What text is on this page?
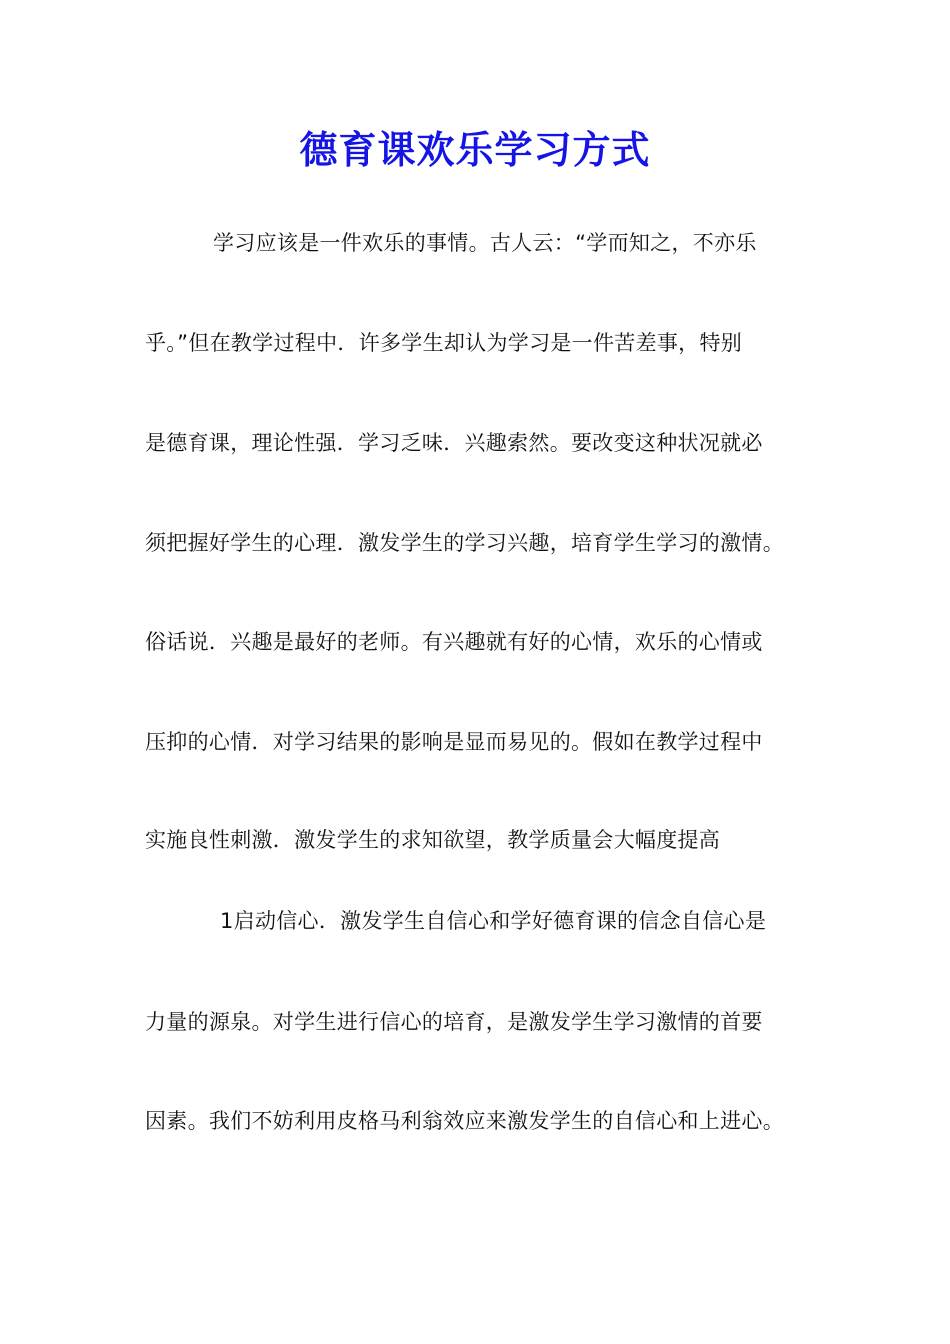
德育课欢乐学习方式
学习应该是一件欢乐的事情。古人云：“学而知之，不亦乐
乎。”但在教学过程中．许多学生却认为学习是一件苦差事，特别
是德育课，理论性强．学习乏味．兴趣索然。要改变这种状况就必
须把握好学生的心理．激发学生的学习兴趣，培育学生学习的激情。
俗话说．兴趣是最好的老师。有兴趣就有好的心情，欢乐的心情或
压抑的心情．对学习结果的影响是显而易见的。假如在教学过程中
实施良性刺激．激发学生的求知欲望，教学质量会大幅度提高
1启动信心．激发学生自信心和学好德育课的信念自信心是
力量的源泉。对学生进行信心的培育，是激发学生学习激情的首要
因素。我们不妨利用皮格马利翁效应来激发学生的自信心和上进心。
